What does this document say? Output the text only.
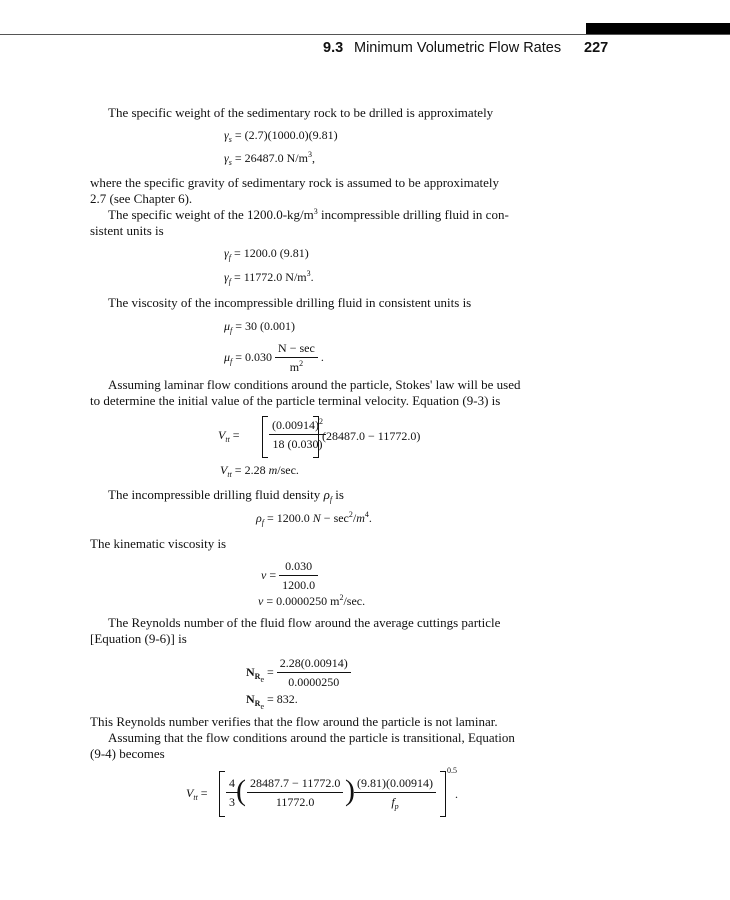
9.3 Minimum Volumetric Flow Rates 227
The specific weight of the sedimentary rock to be drilled is approximately
$\gamma_s = (2.7)(1000.0)(9.81)$
$\gamma_s = 26487.0$ $N/m^3$,
where the specific gravity of sedimentary rock is assumed to be approximately
2.7 (see Chapter 6).
The specific weight of the $1200.0-kg/m^3$ incompressible drilling fluid in con-
sistent units is
$\gamma_f = 1200.0$ (9.81)
$\gamma_f = 11772.0$ $N/m^3$.
The viscosity of the incompressible drilling fluid in consistent units is
$\mu_f = 30$ (0.001)
$\mu_f = 0.030 \frac{N - \sec}{m^2}$ .
Assuming laminar flow conditions around the particle, Stokes' law will be used
to determine the initial value of the particle terminal velocity. Equation (9-3) is
$V_{tt} = \frac{(0.00914)^2}{18 (0.030)}$
(28487.0 − 11772.0)
$V_{tt} = 2.28$ m/sec.
The incompressible drilling fluid density $\rho_f$ is
$\rho_f = 1200.0$ $N - \sec^2/m^4$.
The kinematic viscosity is
$\nu = \frac{0.030}{1200.0}$
ν = 0.0000250 $m^2/\sec$.
The Reynolds number of the fluid flow around the average cuttings particle
[Equation (9-6)] is
$N_{R_e} = \frac{2.28(0.00914)}{0.0000250}$
$N_{R_e} = 832$.
This Reynolds number verifies that the flow around the particle is not laminar.
Assuming that the flow conditions around the particle is transitional, Equation
(9-4) becomes
$V_{tt} = \frac{4}{3}$
( $\frac{28487.7 - 11772.0}{11772.0}$ ) $\frac{(9.81)(0.00914)}{f_p}$
0.5
.
